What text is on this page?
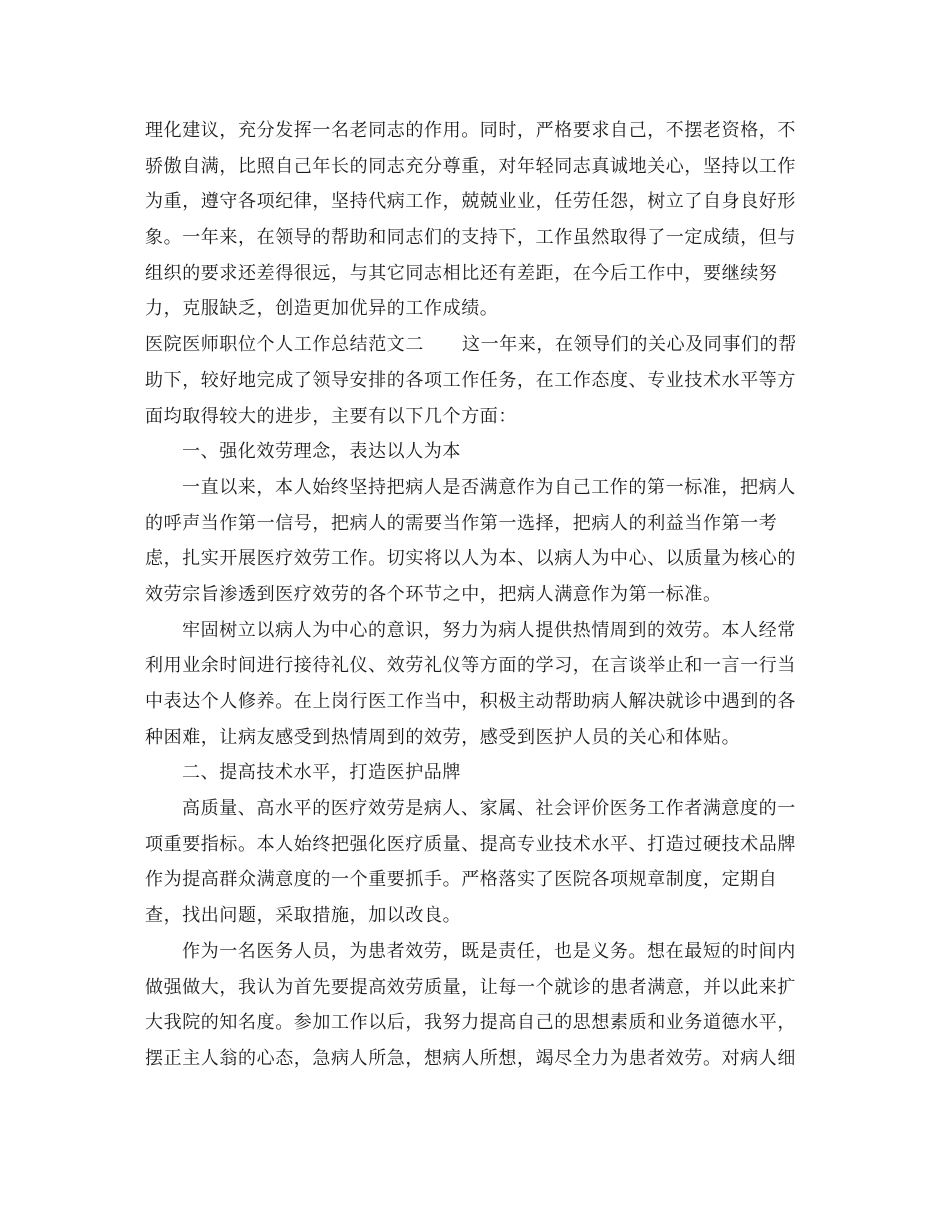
理化建议，充分发挥一名老同志的作用。同时，严格要求自己，不摆老资格，不
骄傲自满，比照自己年长的同志充分尊重，对年轻同志真诚地关心，坚持以工作
为重，遵守各项纪律，坚持代病工作，兢兢业业，任劳任怨，树立了自身良好形
象。一年来，在领导的帮助和同志们的支持下，工作虽然取得了一定成绩，但与
组织的要求还差得很远，与其它同志相比还有差距，在今后工作中，要继续努
力，克服缺乏，创造更加优异的工作成绩。
医院医师职位个人工作总结范文二 这一年来，在领导们的关心及同事们的帮
助下，较好地完成了领导安排的各项工作任务，在工作态度、专业技术水平等方
面均取得较大的进步，主要有以下几个方面：
一、强化效劳理念，表达以人为本
一直以来，本人始终坚持把病人是否满意作为自己工作的第一标准，把病人
的呼声当作第一信号，把病人的需要当作第一选择，把病人的利益当作第一考
虑，扎实开展医疗效劳工作。切实将以人为本、以病人为中心、以质量为核心的
效劳宗旨渗透到医疗效劳的各个环节之中，把病人满意作为第一标准。
牢固树立以病人为中心的意识，努力为病人提供热情周到的效劳。本人经常
利用业余时间进行接待礼仪、效劳礼仪等方面的学习，在言谈举止和一言一行当
中表达个人修养。在上岗行医工作当中，积极主动帮助病人解决就诊中遇到的各
种困难，让病友感受到热情周到的效劳，感受到医护人员的关心和体贴。
二、提高技术水平，打造医护品牌
高质量、高水平的医疗效劳是病人、家属、社会评价医务工作者满意度的一
项重要指标。本人始终把强化医疗质量、提高专业技术水平、打造过硬技术品牌
作为提高群众满意度的一个重要抓手。严格落实了医院各项规章制度，定期自
查，找出问题，采取措施，加以改良。
作为一名医务人员，为患者效劳，既是责任，也是义务。想在最短的时间内
做强做大，我认为首先要提高效劳质量，让每一个就诊的患者满意，并以此来扩
大我院的知名度。参加工作以后，我努力提高自己的思想素质和业务道德水平，
摆正主人翁的心态，急病人所急，想病人所想，竭尽全力为患者效劳。对病人细
